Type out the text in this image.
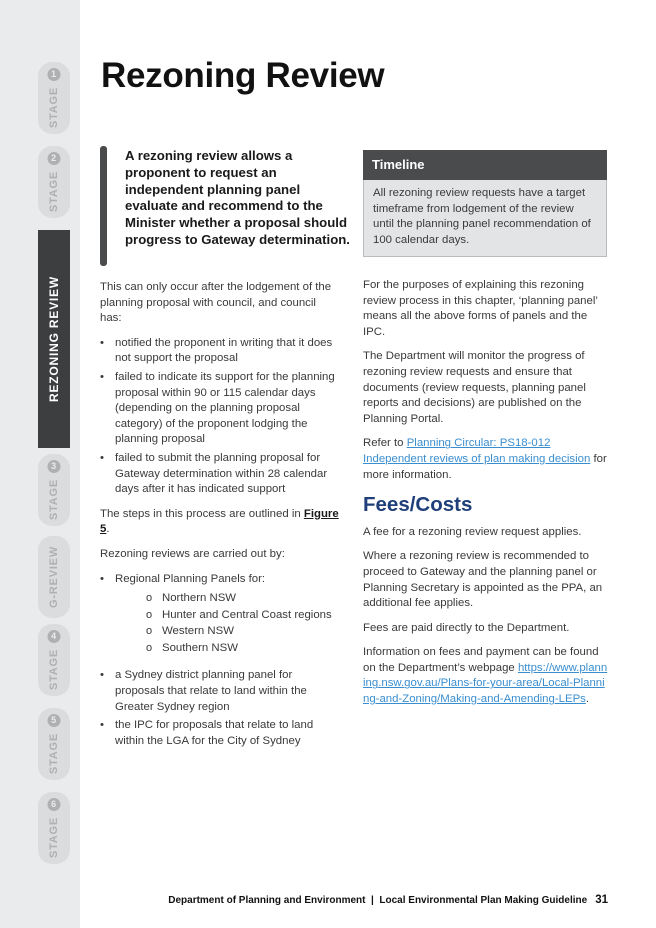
STAGE1
STAGE2
REZONING REVIEW
STAGE3
G-REVIEW
STAGE4
STAGE5
STAGE6
Rezoning Review

A rezoning review allows a proponent to request an independent planning panel evaluate and recommend to the Minister whether a proposal should progress to Gateway determination.

Timeline
All rezoning review requests have a target timeframe from lodgement of the review until the planning panel recommendation of 100 calendar days.

This can only occur after the lodgement of the planning proposal with council, and council has:

• notified the proponent in writing that it does not support the proposal
• failed to indicate its support for the planning proposal within 90 or 115 calendar days (depending on the planning proposal category) of the proponent lodging the planning proposal
• failed to submit the planning proposal for Gateway determination within 28 calendar days after it has indicated support

The steps in this process are outlined in Figure 5.

Rezoning reviews are carried out by:

• Regional Planning Panels for:
o Northern NSW
o Hunter and Central Coast regions
o Western NSW
o Southern NSW
• a Sydney district planning panel for proposals that relate to land within the Greater Sydney region
• the IPC for proposals that relate to land within the LGA for the City of Sydney

For the purposes of explaining this rezoning review process in this chapter, ‘planning panel’ means all the above forms of panels and the IPC.

The Department will monitor the progress of rezoning review requests and ensure that documents (review requests, planning panel reports and decisions) are published on the Planning Portal.

Refer to Planning Circular: PS18-012 Independent reviews of plan making decision for more information.

Fees/Costs

A fee for a rezoning review request applies.

Where a rezoning review is recommended to proceed to Gateway and the planning panel or Planning Secretary is appointed as the PPA, an additional fee applies.

Fees are paid directly to the Department.

Information on fees and payment can be found on the Department’s webpage https://www.planning.nsw.gov.au/Plans-for-your-area/Local-Planning-and-Zoning/Making-and-Amending-LEPs.

Department of Planning and Environment  |  Local Environmental Plan Making Guideline 31
